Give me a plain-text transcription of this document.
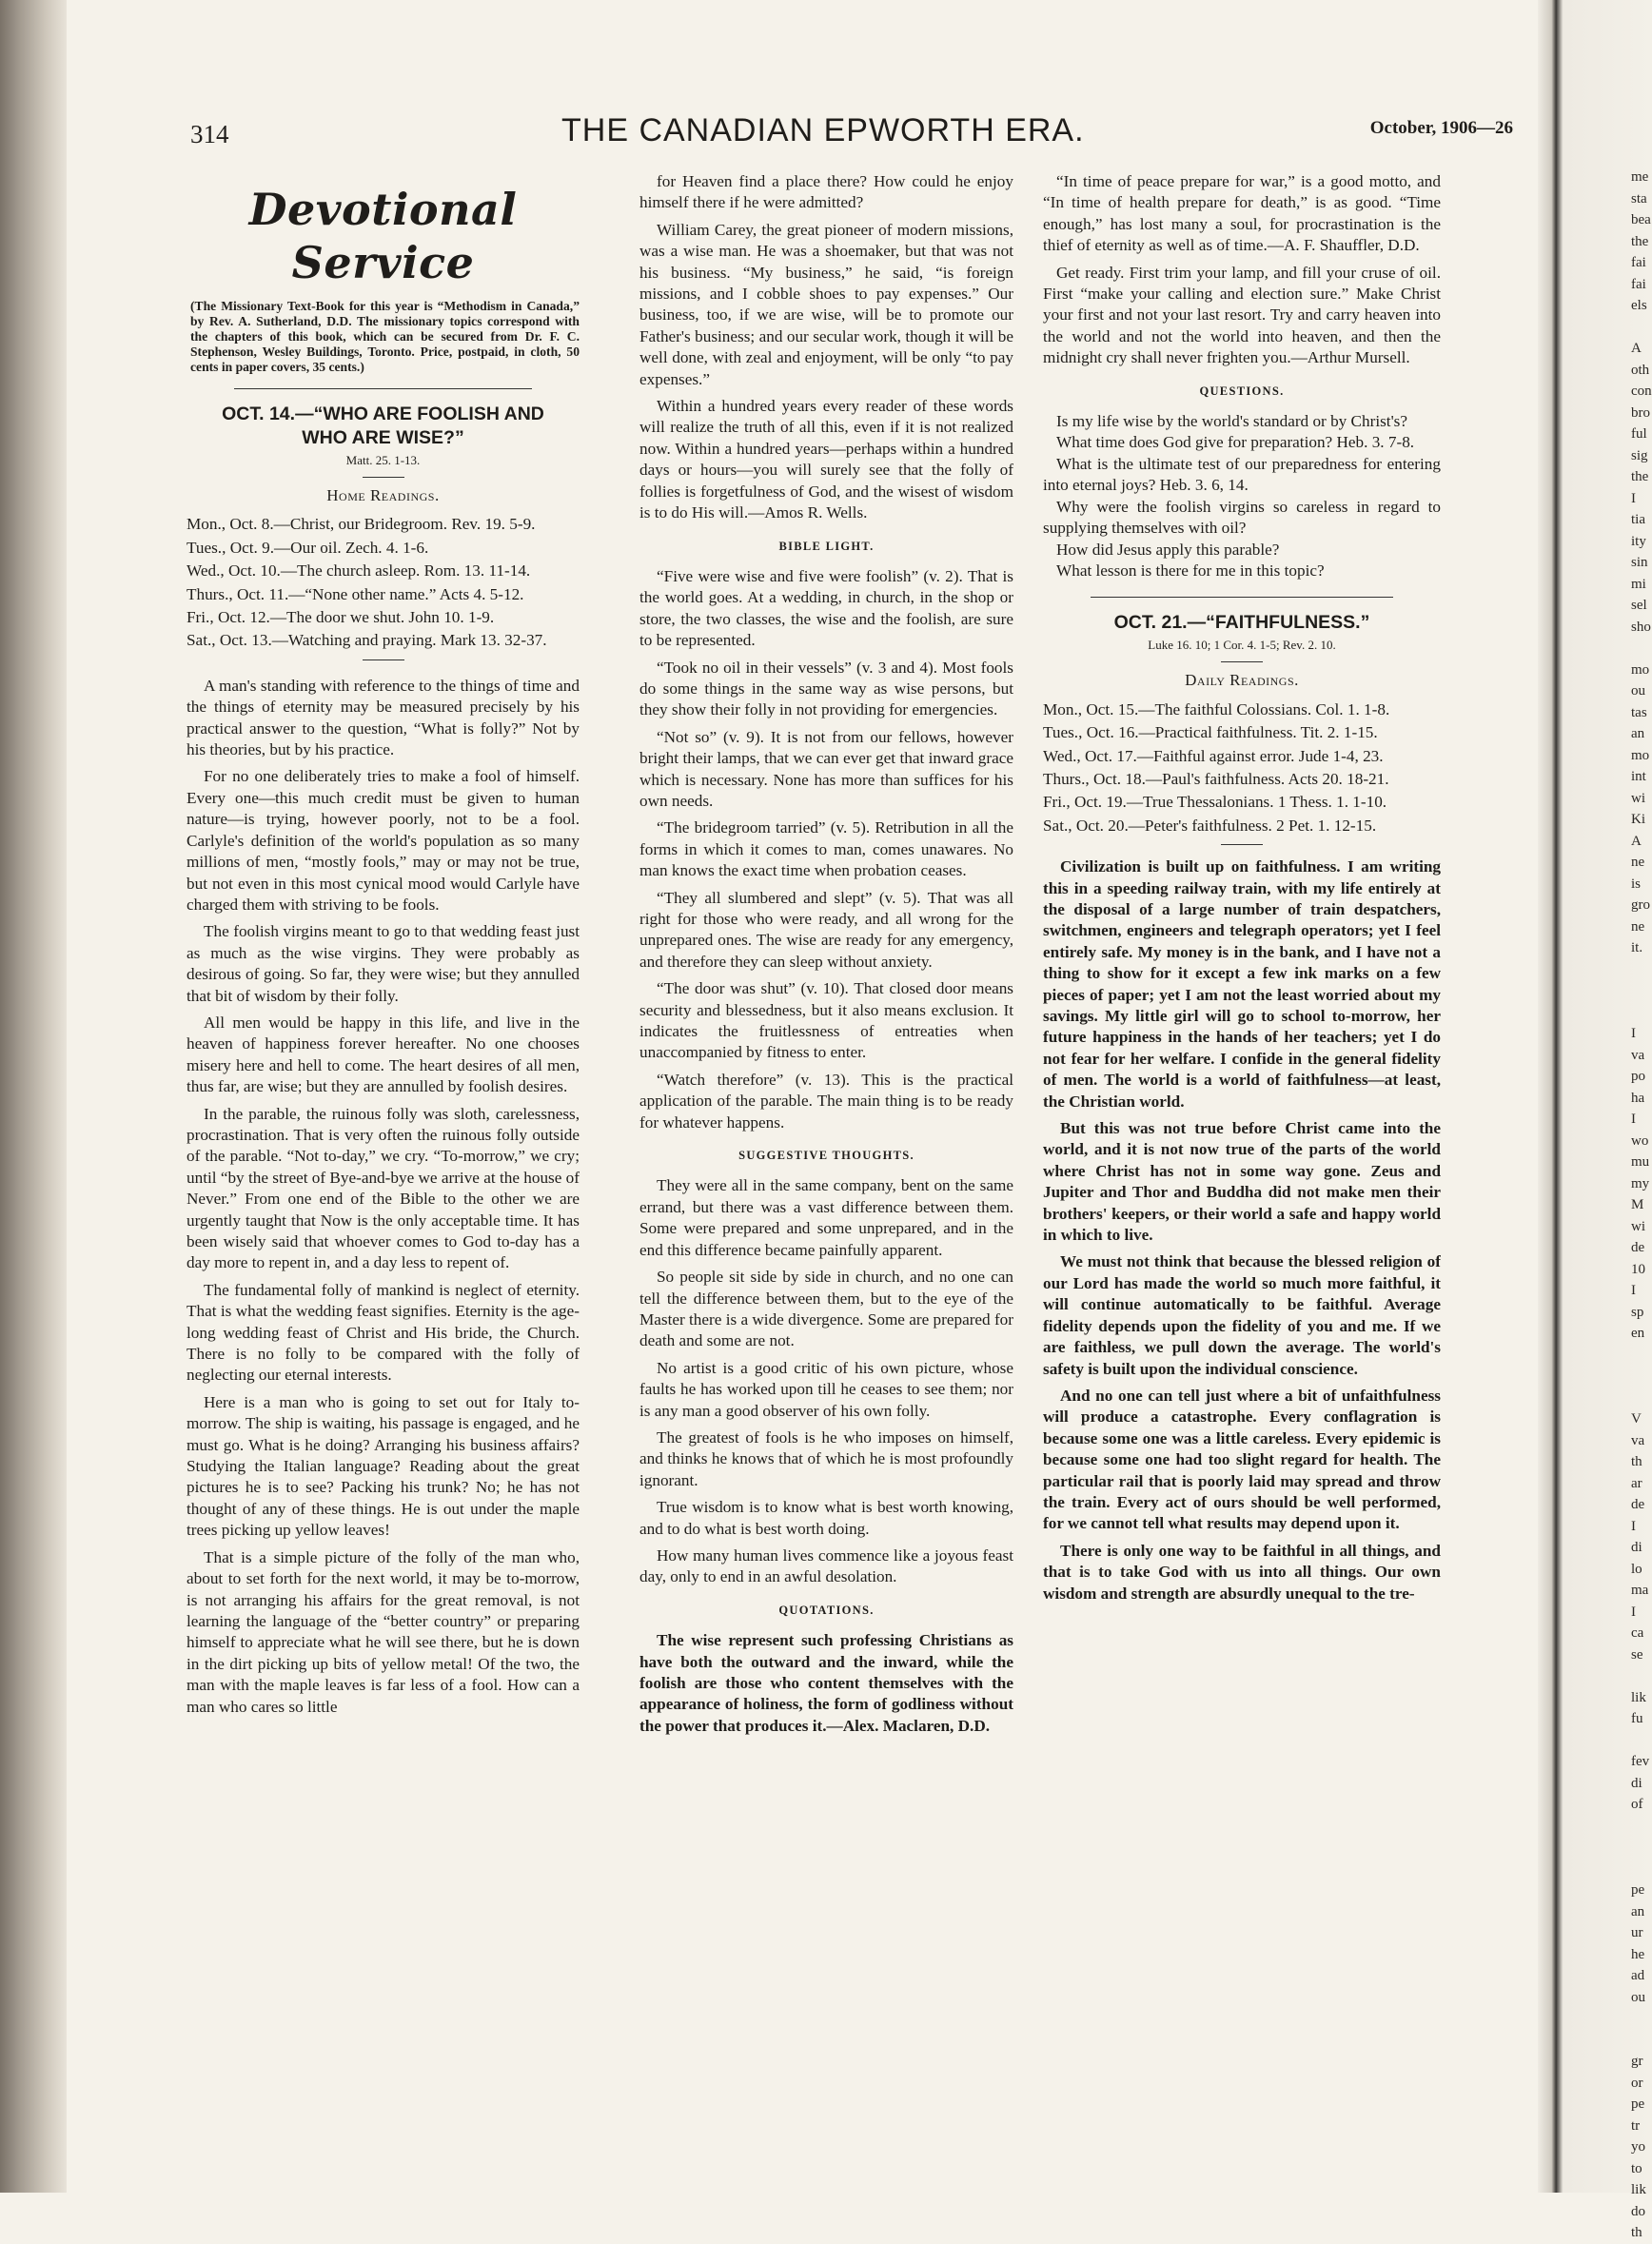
me
sta
bea
the
fai
fai
els
A
oth
con
bro
ful
sig
the
I
tia
ity
sin
mi
sel
sho
mo
ou
tas
an
mo
int
wi
Ki
A
ne
is
gro
ne
it.
I
va
po
ha
I
wo
mu
my
M
wi
de
10
I
sp
en
V
va
th
ar
de
I
di
lo
ma
I
ca
se
lik
fu
fev
di
of
pe
an
ur
he
ad
ou
gr
or
pe
tr
yo
to
lik
do
th
314	THE CANADIAN EPWORTH ERA.	October, 1906—26
Devotional Service
(The Missionary Text-Book for this year is “Methodism in Canada,” by Rev. A. Sutherland, D.D. The missionary topics correspond with the chapters of this book, which can be secured from Dr. F. C. Stephenson, Wesley Buildings, Toronto. Price, postpaid, in cloth, 50 cents in paper covers, 35 cents.)
OCT. 14.—“WHO ARE FOOLISH AND
WHO ARE WISE?”
Matt. 25. 1-13.
Home Readings.

Mon., Oct. 8.—Christ, our Bridegroom. Rev. 19. 5-9.

Tues., Oct. 9.—Our oil. Zech. 4. 1-6.

Wed., Oct. 10.—The church asleep. Rom. 13. 11-14.

Thurs., Oct. 11.—“None other name.” Acts 4. 5-12.

Fri., Oct. 12.—The door we shut. John 10. 1-9.

Sat., Oct. 13.—Watching and praying. Mark 13. 32-37.

A man's standing with reference to the things of time and the things of eternity may be measured precisely by his practical answer to the question, “What is folly?” Not by his theories, but by his practice.

For no one deliberately tries to make a fool of himself. Every one—this much credit must be given to human nature—is trying, however poorly, not to be a fool. Carlyle's definition of the world's population as so many millions of men, “mostly fools,” may or may not be true, but not even in this most cynical mood would Carlyle have charged them with striving to be fools.

The foolish virgins meant to go to that wedding feast just as much as the wise virgins. They were probably as desirous of going. So far, they were wise; but they annulled that bit of wisdom by their folly.

All men would be happy in this life, and live in the heaven of happiness forever hereafter. No one chooses misery here and hell to come. The heart desires of all men, thus far, are wise; but they are annulled by foolish desires.

In the parable, the ruinous folly was sloth, carelessness, procrastination. That is very often the ruinous folly outside of the parable. “Not to-day,” we cry. “To-morrow,” we cry; until “by the street of Bye-and-bye we arrive at the house of Never.” From one end of the Bible to the other we are urgently taught that Now is the only acceptable time. It has been wisely said that whoever comes to God to-day has a day more to repent in, and a day less to repent of.

The fundamental folly of mankind is neglect of eternity. That is what the wedding feast signifies. Eternity is the age-long wedding feast of Christ and His bride, the Church. There is no folly to be compared with the folly of neglecting our eternal interests.

Here is a man who is going to set out for Italy to-morrow. The ship is waiting, his passage is engaged, and he must go. What is he doing? Arranging his business affairs? Studying the Italian language? Reading about the great pictures he is to see? Packing his trunk? No; he has not thought of any of these things. He is out under the maple trees picking up yellow leaves!

That is a simple picture of the folly of the man who, about to set forth for the next world, it may be to-morrow, is not arranging his affairs for the great removal, is not learning the language of the “better country” or preparing himself to appreciate what he will see there, but he is down in the dirt picking up bits of yellow metal! Of the two, the man with the maple leaves is far less of a fool. How can a man who cares so little

for Heaven find a place there? How could he enjoy himself there if he were admitted?

William Carey, the great pioneer of modern missions, was a wise man. He was a shoemaker, but that was not his business. “My business,” he said, “is foreign missions, and I cobble shoes to pay expenses.” Our business, too, if we are wise, will be to promote our Father's business; and our secular work, though it will be well done, with zeal and enjoyment, will be only “to pay expenses.”

Within a hundred years every reader of these words will realize the truth of all this, even if it is not realized now. Within a hundred years—perhaps within a hundred days or hours—you will surely see that the folly of follies is forgetfulness of God, and the wisest of wisdom is to do His will.—Amos R. Wells.

BIBLE LIGHT.

“Five were wise and five were foolish” (v. 2). That is the world goes. At a wedding, in church, in the shop or store, the two classes, the wise and the foolish, are sure to be represented.

“Took no oil in their vessels” (v. 3 and 4). Most fools do some things in the same way as wise persons, but they show their folly in not providing for emergencies.

“Not so” (v. 9). It is not from our fellows, however bright their lamps, that we can ever get that inward grace which is necessary. None has more than suffices for his own needs.

“The bridegroom tarried” (v. 5). Retribution in all the forms in which it comes to man, comes unawares. No man knows the exact time when probation ceases.

“They all slumbered and slept” (v. 5). That was all right for those who were ready, and all wrong for the unprepared ones. The wise are ready for any emergency, and therefore they can sleep without anxiety.

“The door was shut” (v. 10). That closed door means security and blessedness, but it also means exclusion. It indicates the fruitlessness of entreaties when unaccompanied by fitness to enter.

“Watch therefore” (v. 13). This is the practical application of the parable. The main thing is to be ready for whatever happens.

SUGGESTIVE THOUGHTS.

They were all in the same company, bent on the same errand, but there was a vast difference between them. Some were prepared and some unprepared, and in the end this difference became painfully apparent.

So people sit side by side in church, and no one can tell the difference between them, but to the eye of the Master there is a wide divergence. Some are prepared for death and some are not.

No artist is a good critic of his own picture, whose faults he has worked upon till he ceases to see them; nor is any man a good observer of his own folly.

The greatest of fools is he who imposes on himself, and thinks he knows that of which he is most profoundly ignorant.

True wisdom is to know what is best worth knowing, and to do what is best worth doing.

How many human lives commence like a joyous feast day, only to end in an awful desolation.

QUOTATIONS.

The wise represent such professing Christians as have both the outward and the inward, while the foolish are those who content themselves with the appearance of holiness, the form of godliness without the power that produces it.—Alex. Maclaren, D.D.

“In time of peace prepare for war,” is a good motto, and “In time of health prepare for death,” is as good. “Time enough,” has lost many a soul, for procrastination is the thief of eternity as well as of time.—A. F. Shauffler, D.D.

Get ready. First trim your lamp, and fill your cruse of oil. First “make your calling and election sure.” Make Christ your first and not your last resort. Try and carry heaven into the world and not the world into heaven, and then the midnight cry shall never frighten you.—Arthur Mursell.

QUESTIONS.

Is my life wise by the world's standard or by Christ's?

What time does God give for preparation? Heb. 3. 7-8.

What is the ultimate test of our preparedness for entering into eternal joys? Heb. 3. 6, 14.

Why were the foolish virgins so careless in regard to supplying themselves with oil?

How did Jesus apply this parable?

What lesson is there for me in this topic?

OCT. 21.—“FAITHFULNESS.”
Luke 16. 10; 1 Cor. 4. 1-5; Rev. 2. 10.
Daily Readings.

Mon., Oct. 15.—The faithful Colossians. Col. 1. 1-8.

Tues., Oct. 16.—Practical faithfulness. Tit. 2. 1-15.

Wed., Oct. 17.—Faithful against error. Jude 1-4, 23.

Thurs., Oct. 18.—Paul's faithfulness. Acts 20. 18-21.

Fri., Oct. 19.—True Thessalonians. 1 Thess. 1. 1-10.

Sat., Oct. 20.—Peter's faithfulness. 2 Pet. 1. 12-15.

Civilization is built up on faithfulness. I am writing this in a speeding railway train, with my life entirely at the disposal of a large number of train despatchers, switchmen, engineers and telegraph operators; yet I feel entirely safe. My money is in the bank, and I have not a thing to show for it except a few ink marks on a few pieces of paper; yet I am not the least worried about my savings. My little girl will go to school to-morrow, her future happiness in the hands of her teachers; yet I do not fear for her welfare. I confide in the general fidelity of men. The world is a world of faithfulness—at least, the Christian world.

But this was not true before Christ came into the world, and it is not now true of the parts of the world where Christ has not in some way gone. Zeus and Jupiter and Thor and Buddha did not make men their brothers' keepers, or their world a safe and happy world in which to live.

We must not think that because the blessed religion of our Lord has made the world so much more faithful, it will continue automatically to be faithful. Average fidelity depends upon the fidelity of you and me. If we are faithless, we pull down the average. The world's safety is built upon the individual conscience.

And no one can tell just where a bit of unfaithfulness will produce a catastrophe. Every conflagration is because some one was a little careless. Every epidemic is because some one had too slight regard for health. The particular rail that is poorly laid may spread and throw the train. Every act of ours should be well performed, for we cannot tell what results may depend upon it.

There is only one way to be faithful in all things, and that is to take God with us into all things. Our own wisdom and strength are absurdly unequal to the tre-
